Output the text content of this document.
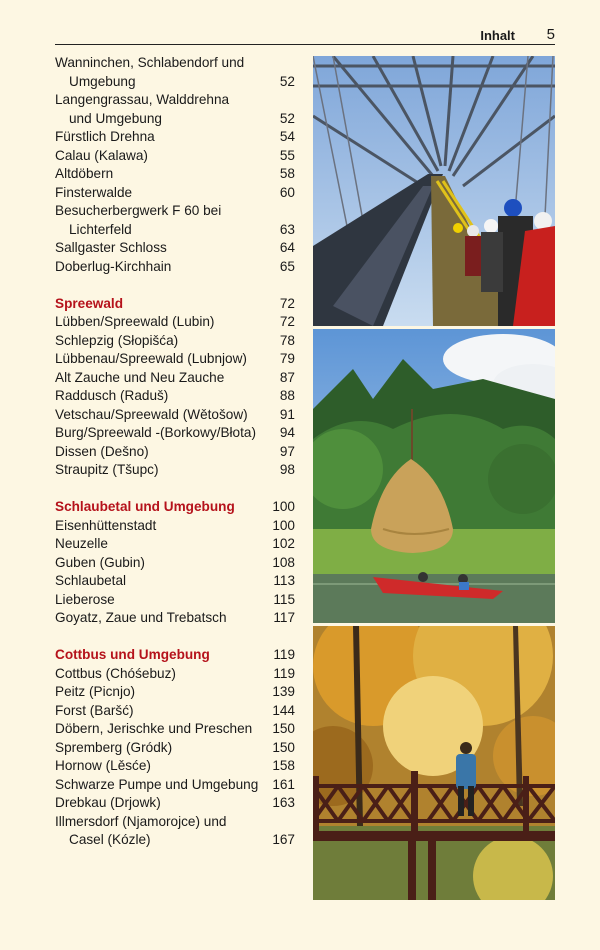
Inhalt 5
Wanninchen, Schlabendorf und
Umgebung	52
Langengrassau, Walddrehna
und Umgebung	52
Fürstlich Drehna	54
Calau (Kalawa)	55
Altdöbern	58
Finsterwalde	60
Besucherbergwerk F 60 bei
Lichterfeld	63
Sallgaster Schloss	64
Doberlug-Kirchhain	65
Spreewald	72
Lübben/Spreewald (Lubin)	72
Schlepzig (Słopišća)	78
Lübbenau/Spreewald (Lubnjow) 79
Alt Zauche und Neu Zauche	87
Raddusch (Raduš)	88
Vetschau/Spreewald (Wětošow) 91
Burg/Spreewald -(Borkowy/Błota) 94
Dissen (Dešno)	97
Straupitz (Tšupc)	98
Schlaubetal und Umgebung	100
Eisenhüttenstadt	100
Neuzelle	102
Guben (Gubin)	108
Schlaubetal	113
Lieberose	115
Goyatz, Zaue und Trebatsch	117
Cottbus und Umgebung	119
Cottbus (Chóśebuz)	119
Peitz (Picnjo)	139
Forst (Baršć)	144
Döbern, Jerischke und Preschen 150
Spremberg (Gródk)	150
Hornow (Lěsće)	158
Schwarze Pumpe und Umgebung 161
Drebkau (Drjowk)	163
Illmersdorf (Njamorojce) und
Casel (Kózle)	167
